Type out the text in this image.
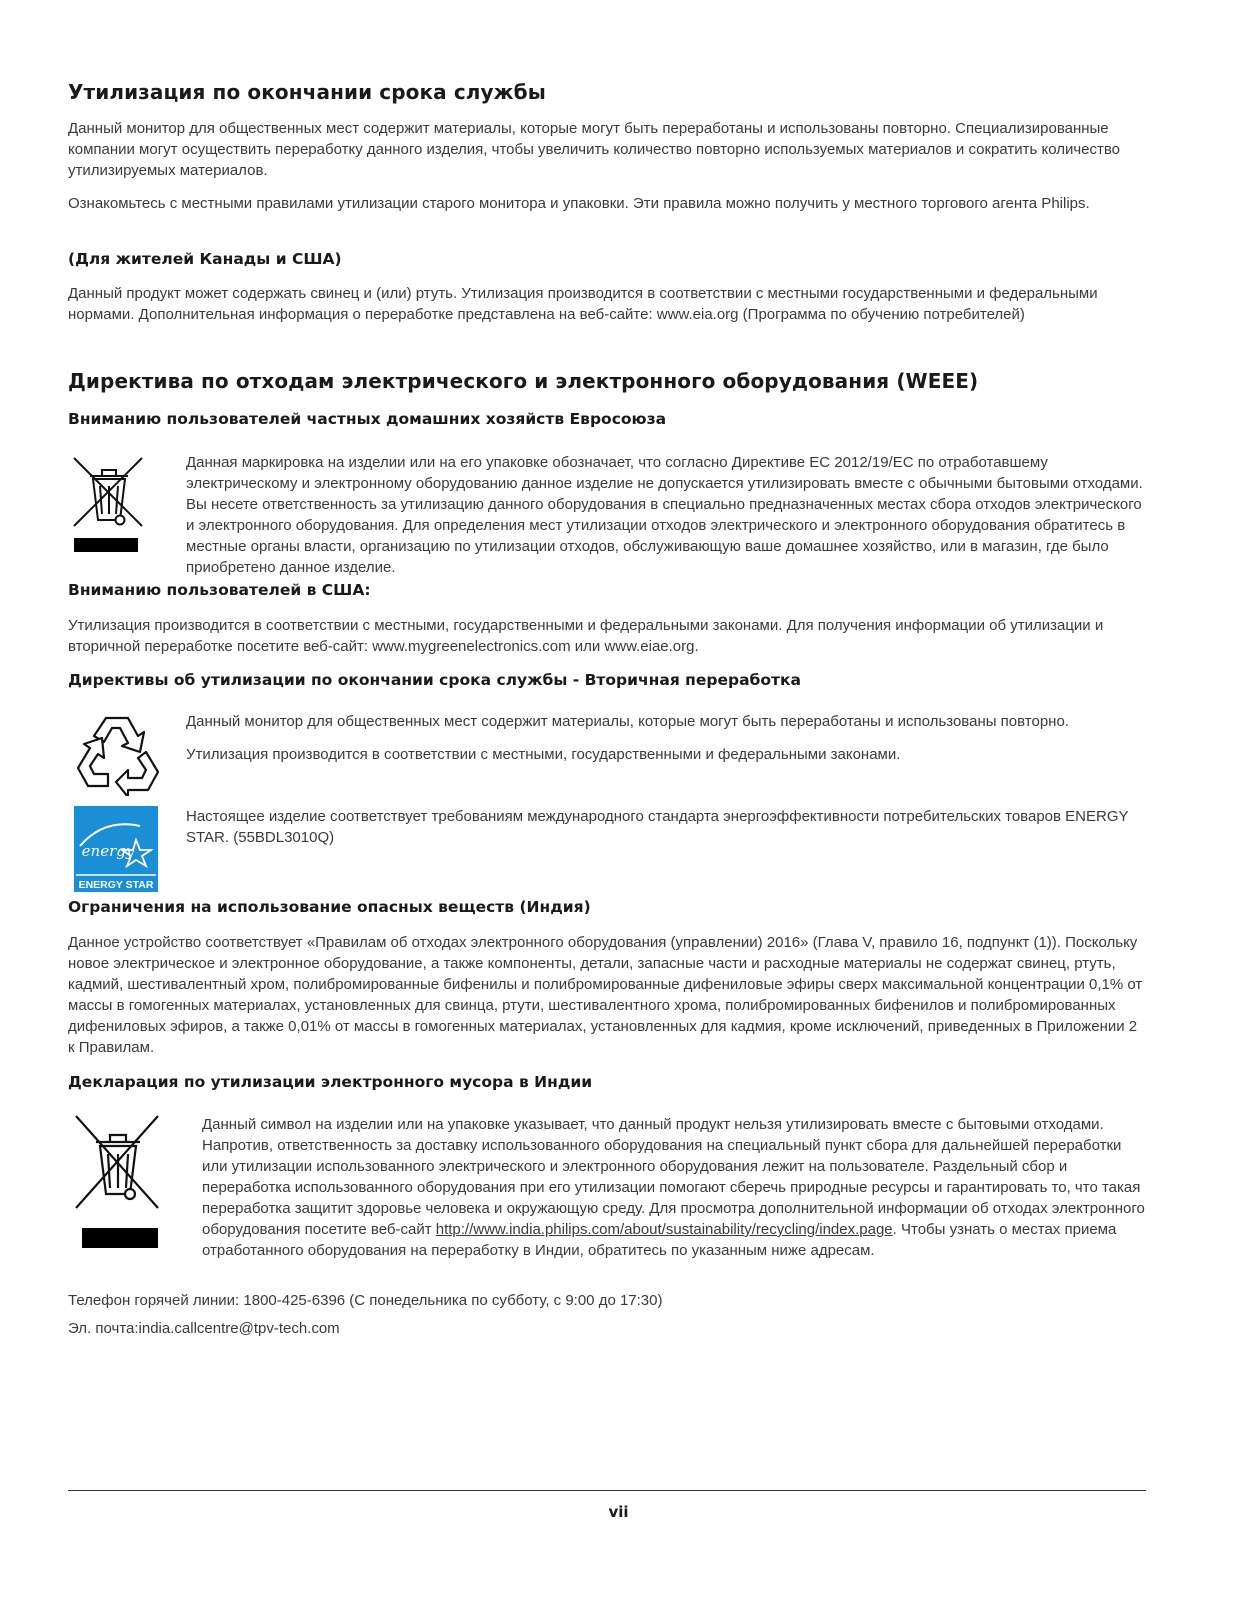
Утилизация по окончании срока службы

Данный монитор для общественных мест содержит материалы, которые могут быть переработаны и использованы повторно. Специализированные компании могут осуществить переработку данного изделия, чтобы увеличить количество повторно используемых материалов и сократить количество утилизируемых материалов.

Ознакомьтесь с местными правилами утилизации старого монитора и упаковки. Эти правила можно получить у местного торгового агента Philips.

(Для жителей Канады и США)

Данный продукт может содержать свинец и (или) ртуть. Утилизация производится в соответствии с местными государственными и федеральными нормами. Дополнительная информация о переработке представлена на веб-сайте: www.eia.org (Программа по обучению потребителей)

Директива по отходам электрического и электронного оборудования (WEEE)
Вниманию пользователей частных домашних хозяйств Евросоюза

Данная маркировка на изделии или на его упаковке обозначает, что согласно Директиве ЕС 2012/19/EC по отработавшему электрическому и электронному оборудованию данное изделие не допускается утилизировать вместе с обычными бытовыми отходами. Вы несете ответственность за утилизацию данного оборудования в специально предназначенных местах сбора отходов электрического и электронного оборудования. Для определения мест утилизации отходов электрического и электронного оборудования обратитесь в местные органы власти, организацию по утилизации отходов, обслуживающую ваше домашнее хозяйство, или в магазин, где было приобретено данное изделие.

Вниманию пользователей в США:

Утилизация производится в соответствии с местными, государственными и федеральными законами. Для получения информации об утилизации и вторичной переработке посетите веб-сайт: www.mygreenelectronics.com или www.eiae.org.

Директивы об утилизации по окончании срока службы - Вторичная переработка

Данный монитор для общественных мест содержит материалы, которые могут быть переработаны и использованы повторно.

Утилизация производится в соответствии с местными, государственными и федеральными законами.

energy
ENERGY STAR

Настоящее изделие соответствует требованиям международного стандарта энергоэффективности потребительских товаров ENERGY STAR. (55BDL3010Q)

Ограничения на использование опасных веществ (Индия)

Данное устройство соответствует «Правилам об отходах электронного оборудования (управлении) 2016» (Глава V, правило 16, подпункт (1)). Поскольку новое электрическое и электронное оборудование, а также компоненты, детали, запасные части и расходные материалы не содержат свинец, ртуть, кадмий, шестивалентный хром, полибромированные бифенилы и полибромированные дифениловые эфиры сверх максимальной концентрации 0,1% от массы в гомогенных материалах, установленных для свинца, ртути, шестивалентного хрома, полибромированных бифенилов и полибромированных дифениловых эфиров, а также 0,01% от массы в гомогенных материалах, установленных для кадмия, кроме исключений, приведенных в Приложении 2 к Правилам.

Декларация по утилизации электронного мусора в Индии

Данный символ на изделии или на упаковке указывает, что данный продукт нельзя утилизировать вместе с бытовыми отходами. Напротив, ответственность за доставку использованного оборудования на специальный пункт сбора для дальнейшей переработки или утилизации использованного электрического и электронного оборудования лежит на пользователе. Раздельный сбор и переработка использованного оборудования при его утилизации помогают сберечь природные ресурсы и гарантировать то, что такая переработка защитит здоровье человека и окружающую среду. Для просмотра дополнительной информации об отходах электронного оборудования посетите веб-сайт http://www.india.philips.com/about/sustainability/recycling/index.page. Чтобы узнать о местах приема отработанного оборудования на переработку в Индии, обратитесь по указанным ниже адресам.

Телефон горячей линии: 1800-425-6396 (С понедельника по субботу, с 9:00 до 17:30)

Эл. почта:india.callcentre@tpv-tech.com

vii
